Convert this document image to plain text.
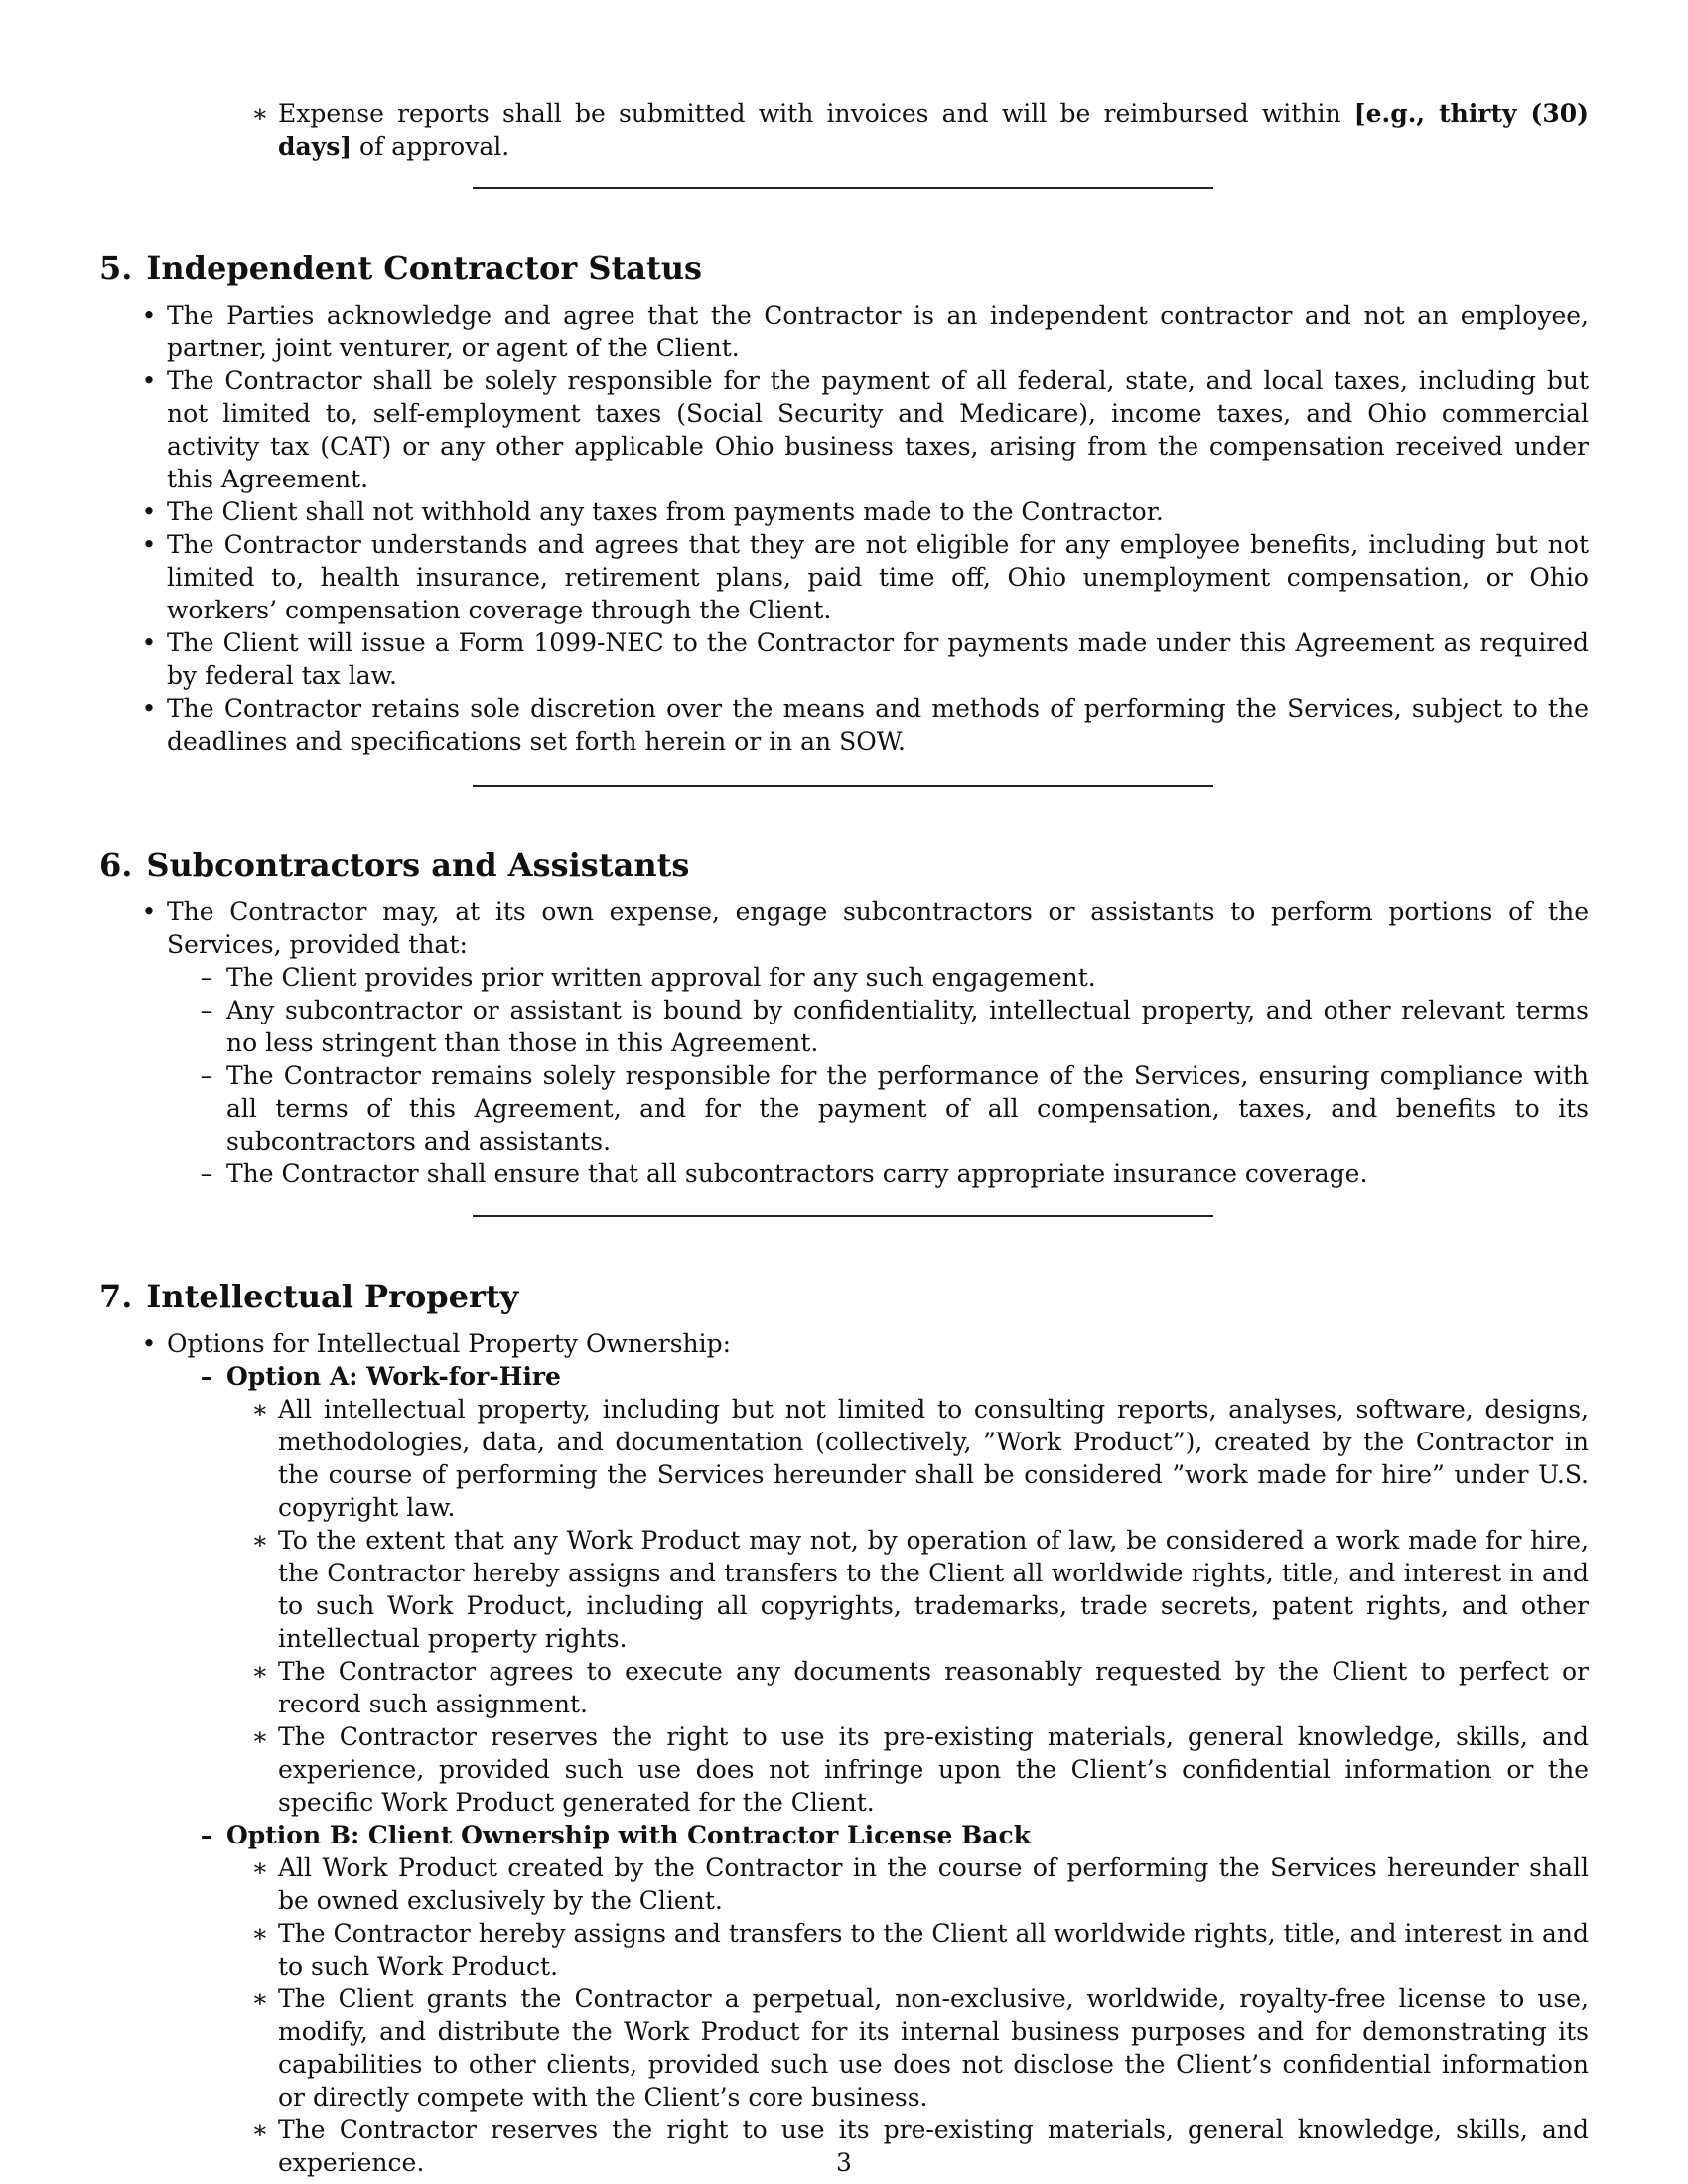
∗ Expense reports shall be submitted with invoices and will be reimbursed within [e.g., thirty (30) days] of approval.
5. Independent Contractor Status
• The Parties acknowledge and agree that the Contractor is an independent contractor and not an employee, partner, joint venturer, or agent of the Client.
• The Contractor shall be solely responsible for the payment of all federal, state, and local taxes, including but not limited to, self-employment taxes (Social Security and Medicare), income taxes, and Ohio commercial activity tax (CAT) or any other applicable Ohio business taxes, arising from the compensation received under this Agreement.
• The Client shall not withhold any taxes from payments made to the Contractor.
• The Contractor understands and agrees that they are not eligible for any employee benefits, including but not limited to, health insurance, retirement plans, paid time off, Ohio unemployment compensation, or Ohio workers’ compensation coverage through the Client.
• The Client will issue a Form 1099-NEC to the Contractor for payments made under this Agreement as required by federal tax law.
• The Contractor retains sole discretion over the means and methods of performing the Services, subject to the deadlines and specifications set forth herein or in an SOW.
6. Subcontractors and Assistants
• The Contractor may, at its own expense, engage subcontractors or assistants to perform portions of the Services, provided that:
– The Client provides prior written approval for any such engagement.
– Any subcontractor or assistant is bound by confidentiality, intellectual property, and other relevant terms no less stringent than those in this Agreement.
– The Contractor remains solely responsible for the performance of the Services, ensuring compliance with all terms of this Agreement, and for the payment of all compensation, taxes, and benefits to its subcontractors and assistants.
– The Contractor shall ensure that all subcontractors carry appropriate insurance coverage.
7. Intellectual Property
• Options for Intellectual Property Ownership:
– Option A: Work-for-Hire
∗ All intellectual property, including but not limited to consulting reports, analyses, software, designs, methodologies, data, and documentation (collectively, ”Work Product”), created by the Contractor in the course of performing the Services hereunder shall be considered ”work made for hire” under U.S. copyright law.
∗ To the extent that any Work Product may not, by operation of law, be considered a work made for hire, the Contractor hereby assigns and transfers to the Client all worldwide rights, title, and interest in and to such Work Product, including all copyrights, trademarks, trade secrets, patent rights, and other intellectual property rights.
∗ The Contractor agrees to execute any documents reasonably requested by the Client to perfect or record such assignment.
∗ The Contractor reserves the right to use its pre-existing materials, general knowledge, skills, and experience, provided such use does not infringe upon the Client’s confidential information or the specific Work Product generated for the Client.
– Option B: Client Ownership with Contractor License Back
∗ All Work Product created by the Contractor in the course of performing the Services hereunder shall be owned exclusively by the Client.
∗ The Contractor hereby assigns and transfers to the Client all worldwide rights, title, and interest in and to such Work Product.
∗ The Client grants the Contractor a perpetual, non-exclusive, worldwide, royalty-free license to use, modify, and distribute the Work Product for its internal business purposes and for demonstrating its capabilities to other clients, provided such use does not disclose the Client’s confidential information or directly compete with the Client’s core business.
∗ The Contractor reserves the right to use its pre-existing materials, general knowledge, skills, and experience.	3
